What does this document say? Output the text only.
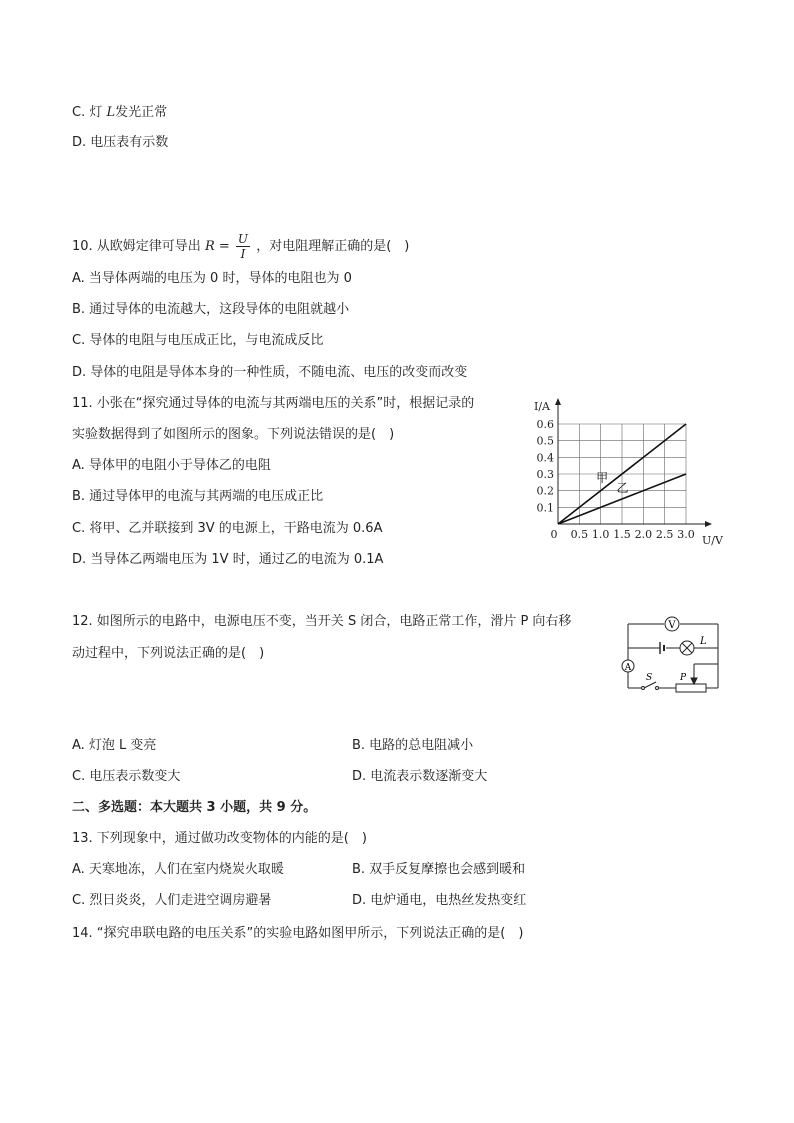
C. 灯 L发光正常
D. 电压表有示数
10. 从欧姆定律可导出 $R = \frac{U}{I}$ ，对电阻理解正确的是(　)
A. 当导体两端的电压为 0 时，导体的电阻也为 0
B. 通过导体的电流越大，这段导体的电阻就越小
C. 导体的电阻与电压成正比，与电流成反比
D. 导体的电阻是导体本身的一种性质，不随电流、电压的改变而改变
11. 小张在“探究通过导体的电流与其两端电压的关系”时，根据记录的
实验数据得到了如图所示的图象。下列说法错误的是(　)
A. 导体甲的电阻小于导体乙的电阻
B. 通过导体甲的电流与其两端的电压成正比
C. 将甲、乙并联接到 3V 的电源上，干路电流为 0.6A
D. 当导体乙两端电压为 1V 时，通过乙的电流为 0.1A
甲
乙
0 0.5 1.0 1.5 2.0 2.5 3.0
0.1
0.2
0.3
0.4
0.5
0.6
U/V
I/A
12. 如图所示的电路中，电源电压不变，当开关 S 闭合，电路正常工作，滑片 P 向右移
动过程中，下列说法正确的是(　)
V
L
A
S	P
A. 灯泡 L 变亮	B. 电路的总电阻减小
C. 电压表示数变大	D. 电流表示数逐渐变大
二、多选题：本大题共 3 小题，共 9 分。
13. 下列现象中，通过做功改变物体的内能的是(　)
A. 天寒地冻，人们在室内烧炭火取暖	B. 双手反复摩擦也会感到暖和
C. 烈日炎炎，人们走进空调房避暑	D. 电炉通电，电热丝发热变红
14. “探究串联电路的电压关系”的实验电路如图甲所示，下列说法正确的是(　)
